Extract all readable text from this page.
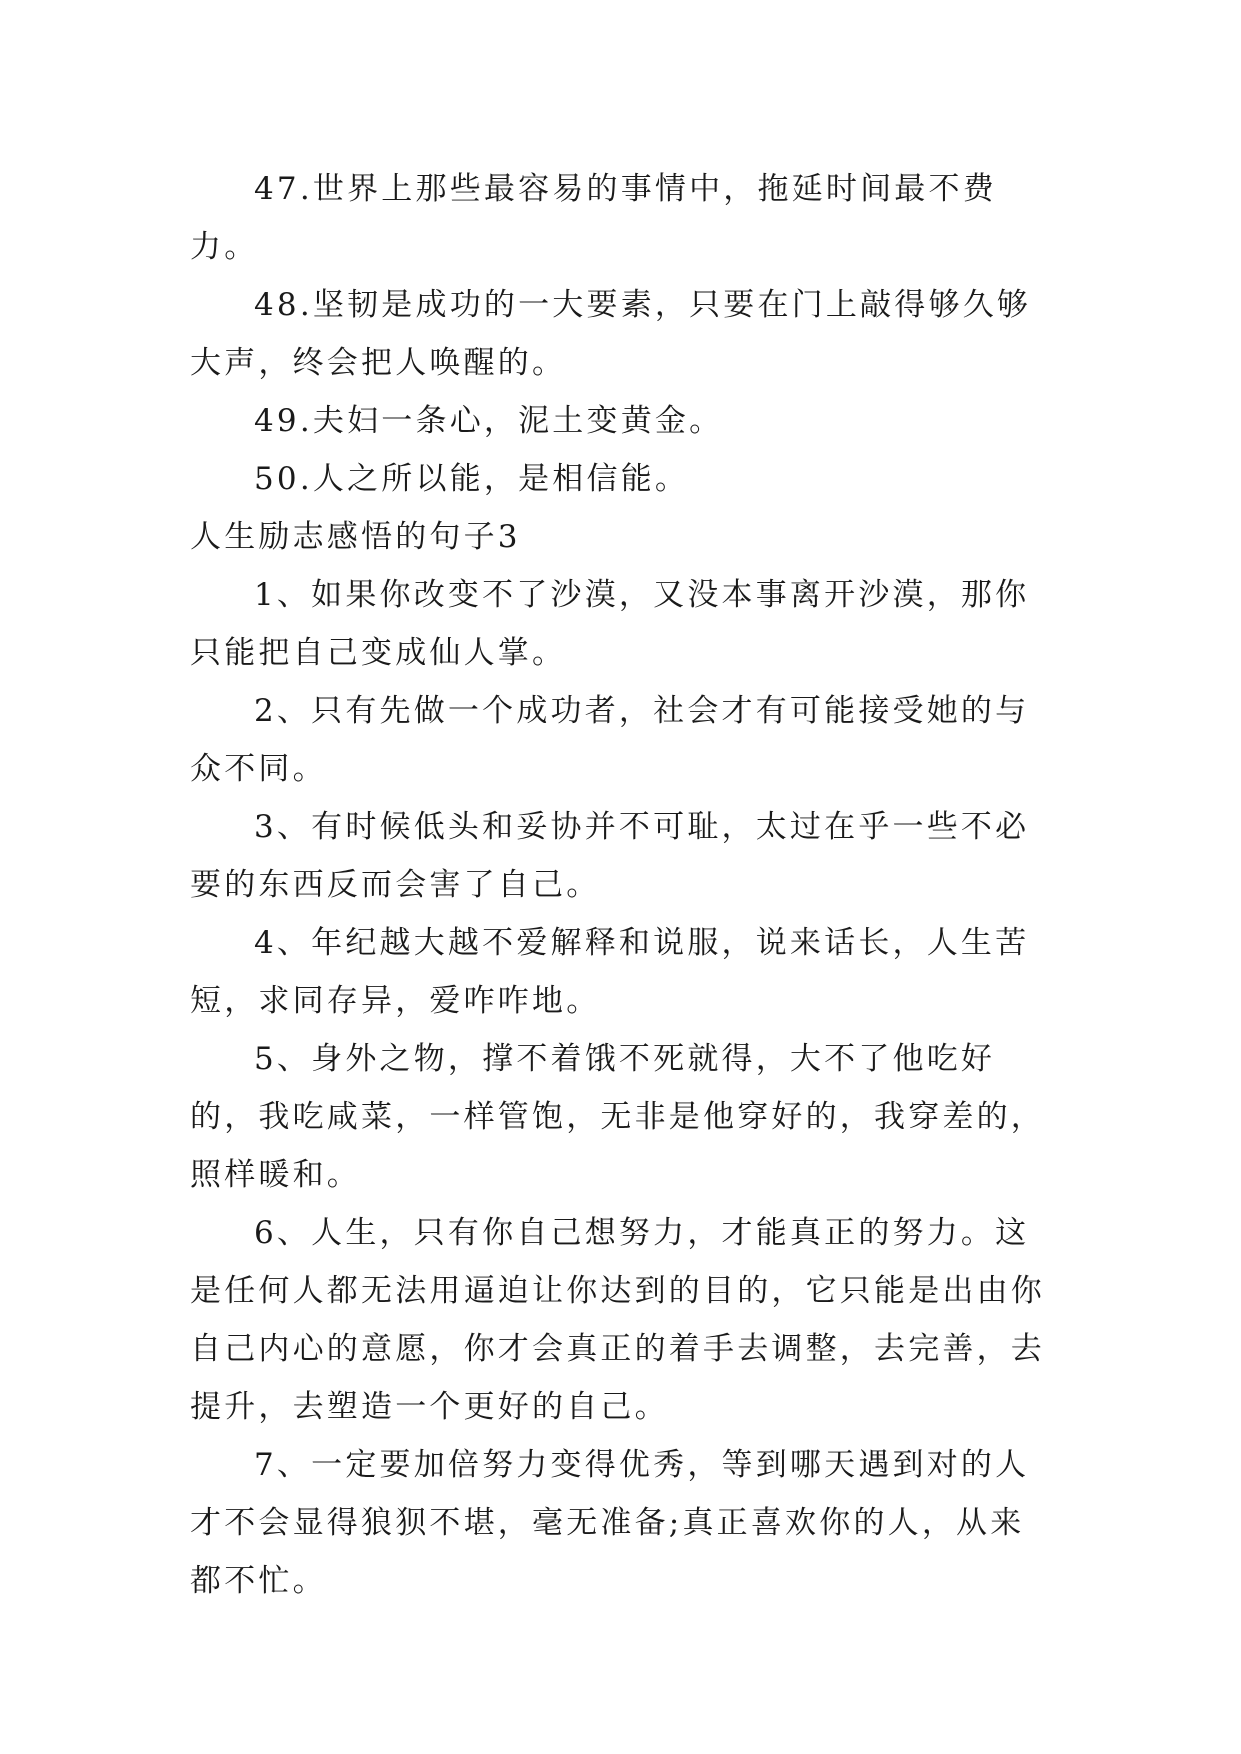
47.世界上那些最容易的事情中，拖延时间最不费力。

48.坚韧是成功的一大要素，只要在门上敲得够久够大声，终会把人唤醒的。

49.夫妇一条心，泥土变黄金。

50.人之所以能，是相信能。

人生励志感悟的句子3

1、如果你改变不了沙漠，又没本事离开沙漠，那你只能把自己变成仙人掌。

2、只有先做一个成功者，社会才有可能接受她的与众不同。

3、有时候低头和妥协并不可耻，太过在乎一些不必要的东西反而会害了自己。

4、年纪越大越不爱解释和说服，说来话长，人生苦短，求同存异，爱咋咋地。

5、身外之物，撑不着饿不死就得，大不了他吃好的，我吃咸菜，一样管饱，无非是他穿好的，我穿差的，照样暖和。

6、人生，只有你自己想努力，才能真正的努力。这是任何人都无法用逼迫让你达到的目的，它只能是出由你自己内心的意愿，你才会真正的着手去调整，去完善，去提升，去塑造一个更好的自己。

7、一定要加倍努力变得优秀，等到哪天遇到对的人才不会显得狼狈不堪，毫无准备;真正喜欢你的人，从来都不忙。
